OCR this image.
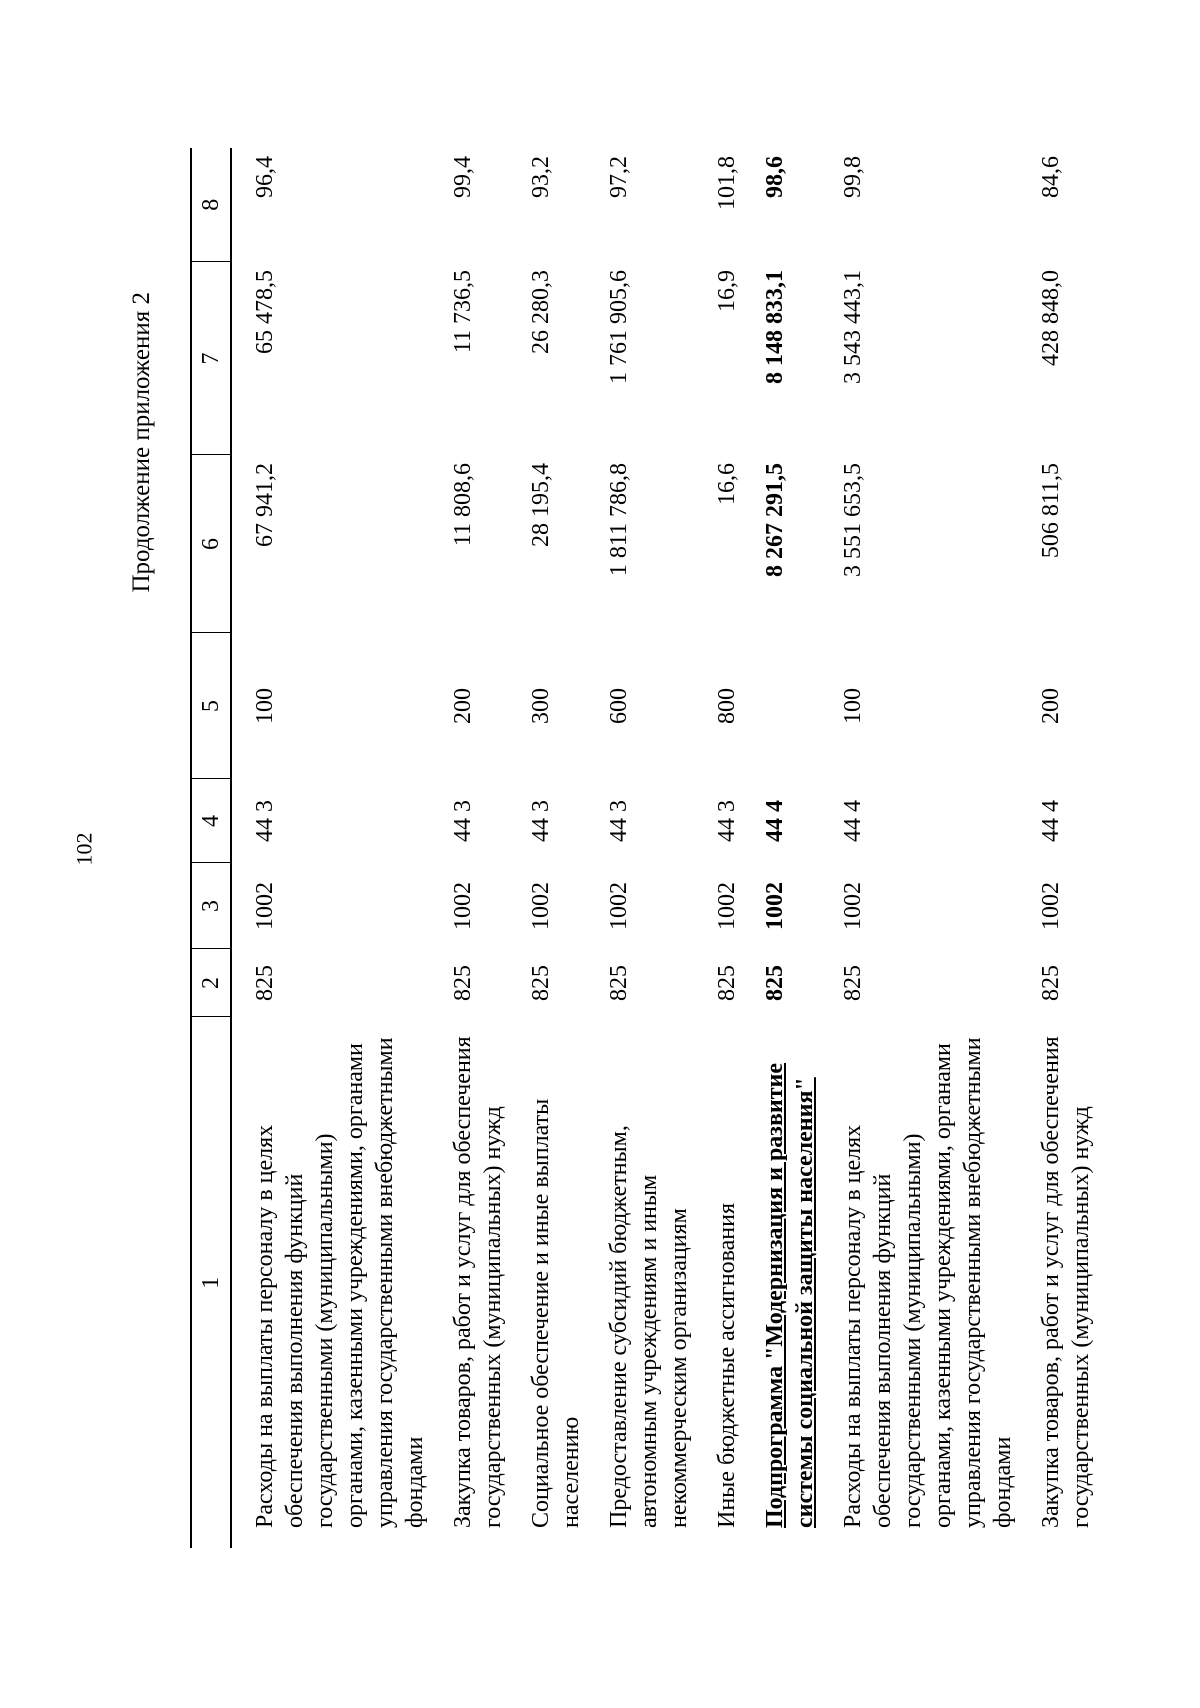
102
Продолжение приложения 2
1	2	3	4	5	6	7	8
Расходы на выплаты персоналу в целях обеспечения выполнения функций государственными (муниципальными) органами, казенными учреждениями, органами управления государственными внебюджетными фондами	825	1002	44 3	100	67 941,2	65 478,5	96,4
Закупка товаров, работ и услуг для обеспечения государственных (муниципальных) нужд	825	1002	44 3	200	11 808,6	11 736,5	99,4
Социальное обеспечение и иные выплаты населению	825	1002	44 3	300	28 195,4	26 280,3	93,2
Предоставление субсидий бюджетным, автономным учреждениям и иным некоммерческим организациям	825	1002	44 3	600	1 811 786,8	1 761 905,6	97,2
Иные бюджетные ассигнования	825	1002	44 3	800	16,6	16,9	101,8
Подпрограмма "Модернизация и развитие системы социальной защиты населения"	825	1002	44 4		8 267 291,5	8 148 833,1	98,6
Расходы на выплаты персоналу в целях обеспечения выполнения функций государственными (муниципальными) органами, казенными учреждениями, органами управления государственными внебюджетными фондами	825	1002	44 4	100	3 551 653,5	3 543 443,1	99,8
Закупка товаров, работ и услуг для обеспечения государственных (муниципальных) нужд	825	1002	44 4	200	506 811,5	428 848,0	84,6
